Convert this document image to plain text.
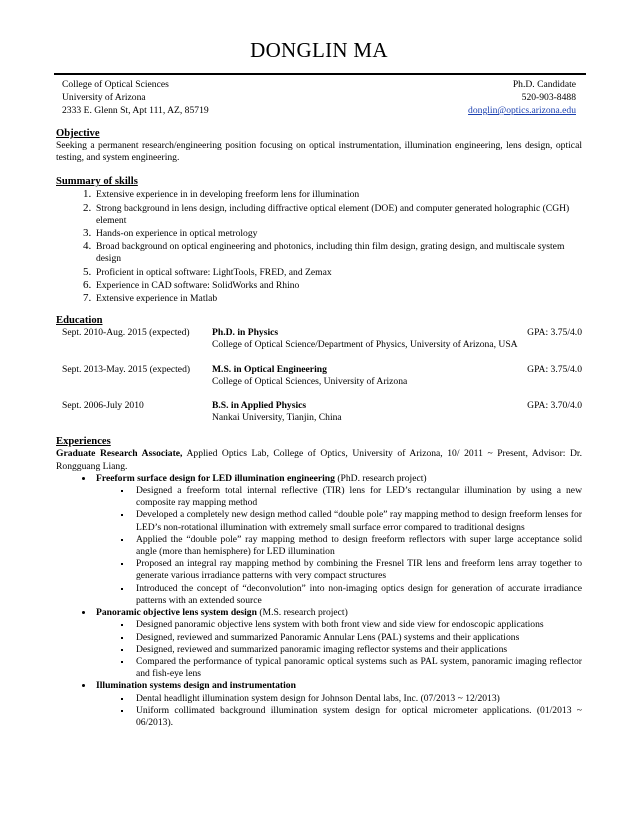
DONGLIN MA
College of Optical Sciences	Ph.D. Candidate
University of Arizona	520-903-8488
2333 E. Glenn St, Apt 111, AZ, 85719	donglin@optics.arizona.edu
Objective
Seeking a permanent research/engineering position focusing on optical instrumentation, illumination engineering, lens design, optical testing, and system engineering.
Summary of skills
1. Extensive experience in in developing freeform lens for illumination
2. Strong background in lens design, including diffractive optical element (DOE) and computer generated holographic (CGH) element
3. Hands-on experience in optical metrology
4. Broad background on optical engineering and photonics, including thin film design, grating design, and multiscale system design
5. Proficient in optical software: LightTools, FRED, and Zemax
6. Experience in CAD software: SolidWorks and Rhino
7. Extensive experience in Matlab
Education
Sept. 2010-Aug. 2015 (expected)	Ph.D. in Physics	GPA: 3.75/4.0
College of Optical Science/Department of Physics, University of Arizona, USA
Sept. 2013-May. 2015 (expected)	M.S. in Optical Engineering	GPA: 3.75/4.0
College of Optical Sciences, University of Arizona
Sept. 2006-July 2010	B.S. in Applied Physics	GPA: 3.70/4.0
Nankai University, Tianjin, China
Experiences
Graduate Research Associate, Applied Optics Lab, College of Optics, University of Arizona, 10/ 2011 ~ Present, Advisor: Dr. Rongguang Liang.
• Freeform surface design for LED illumination engineering (PhD. research project)
▪ Designed a freeform total internal reflective (TIR) lens for LED’s rectangular illumination by using a new composite ray mapping method
▪ Developed a completely new design method called “double pole” ray mapping method to design freeform lenses for LED’s non-rotational illumination with extremely small surface error compared to traditional designs
▪ Applied the “double pole” ray mapping method to design freeform reflectors with super large acceptance solid angle (more than hemisphere) for LED illumination
▪ Proposed an integral ray mapping method by combining the Fresnel TIR lens and freeform lens array together to generate various irradiance patterns with very compact structures
▪ Introduced the concept of “deconvolution” into non-imaging optics design for generation of accurate irradiance patterns with an extended source
• Panoramic objective lens system design (M.S. research project)
▪ Designed panoramic objective lens system with both front view and side view for endoscopic applications
▪ Designed, reviewed and summarized Panoramic Annular Lens (PAL) systems and their applications
▪ Designed, reviewed and summarized panoramic imaging reflector systems and their applications
▪ Compared the performance of typical panoramic optical systems such as PAL system, panoramic imaging reflector and fish-eye lens
• Illumination systems design and instrumentation
▪ Dental headlight illumination system design for Johnson Dental labs, Inc. (07/2013 ~ 12/2013)
▪ Uniform collimated background illumination system design for optical micrometer applications. (01/2013 ~ 06/2013).
